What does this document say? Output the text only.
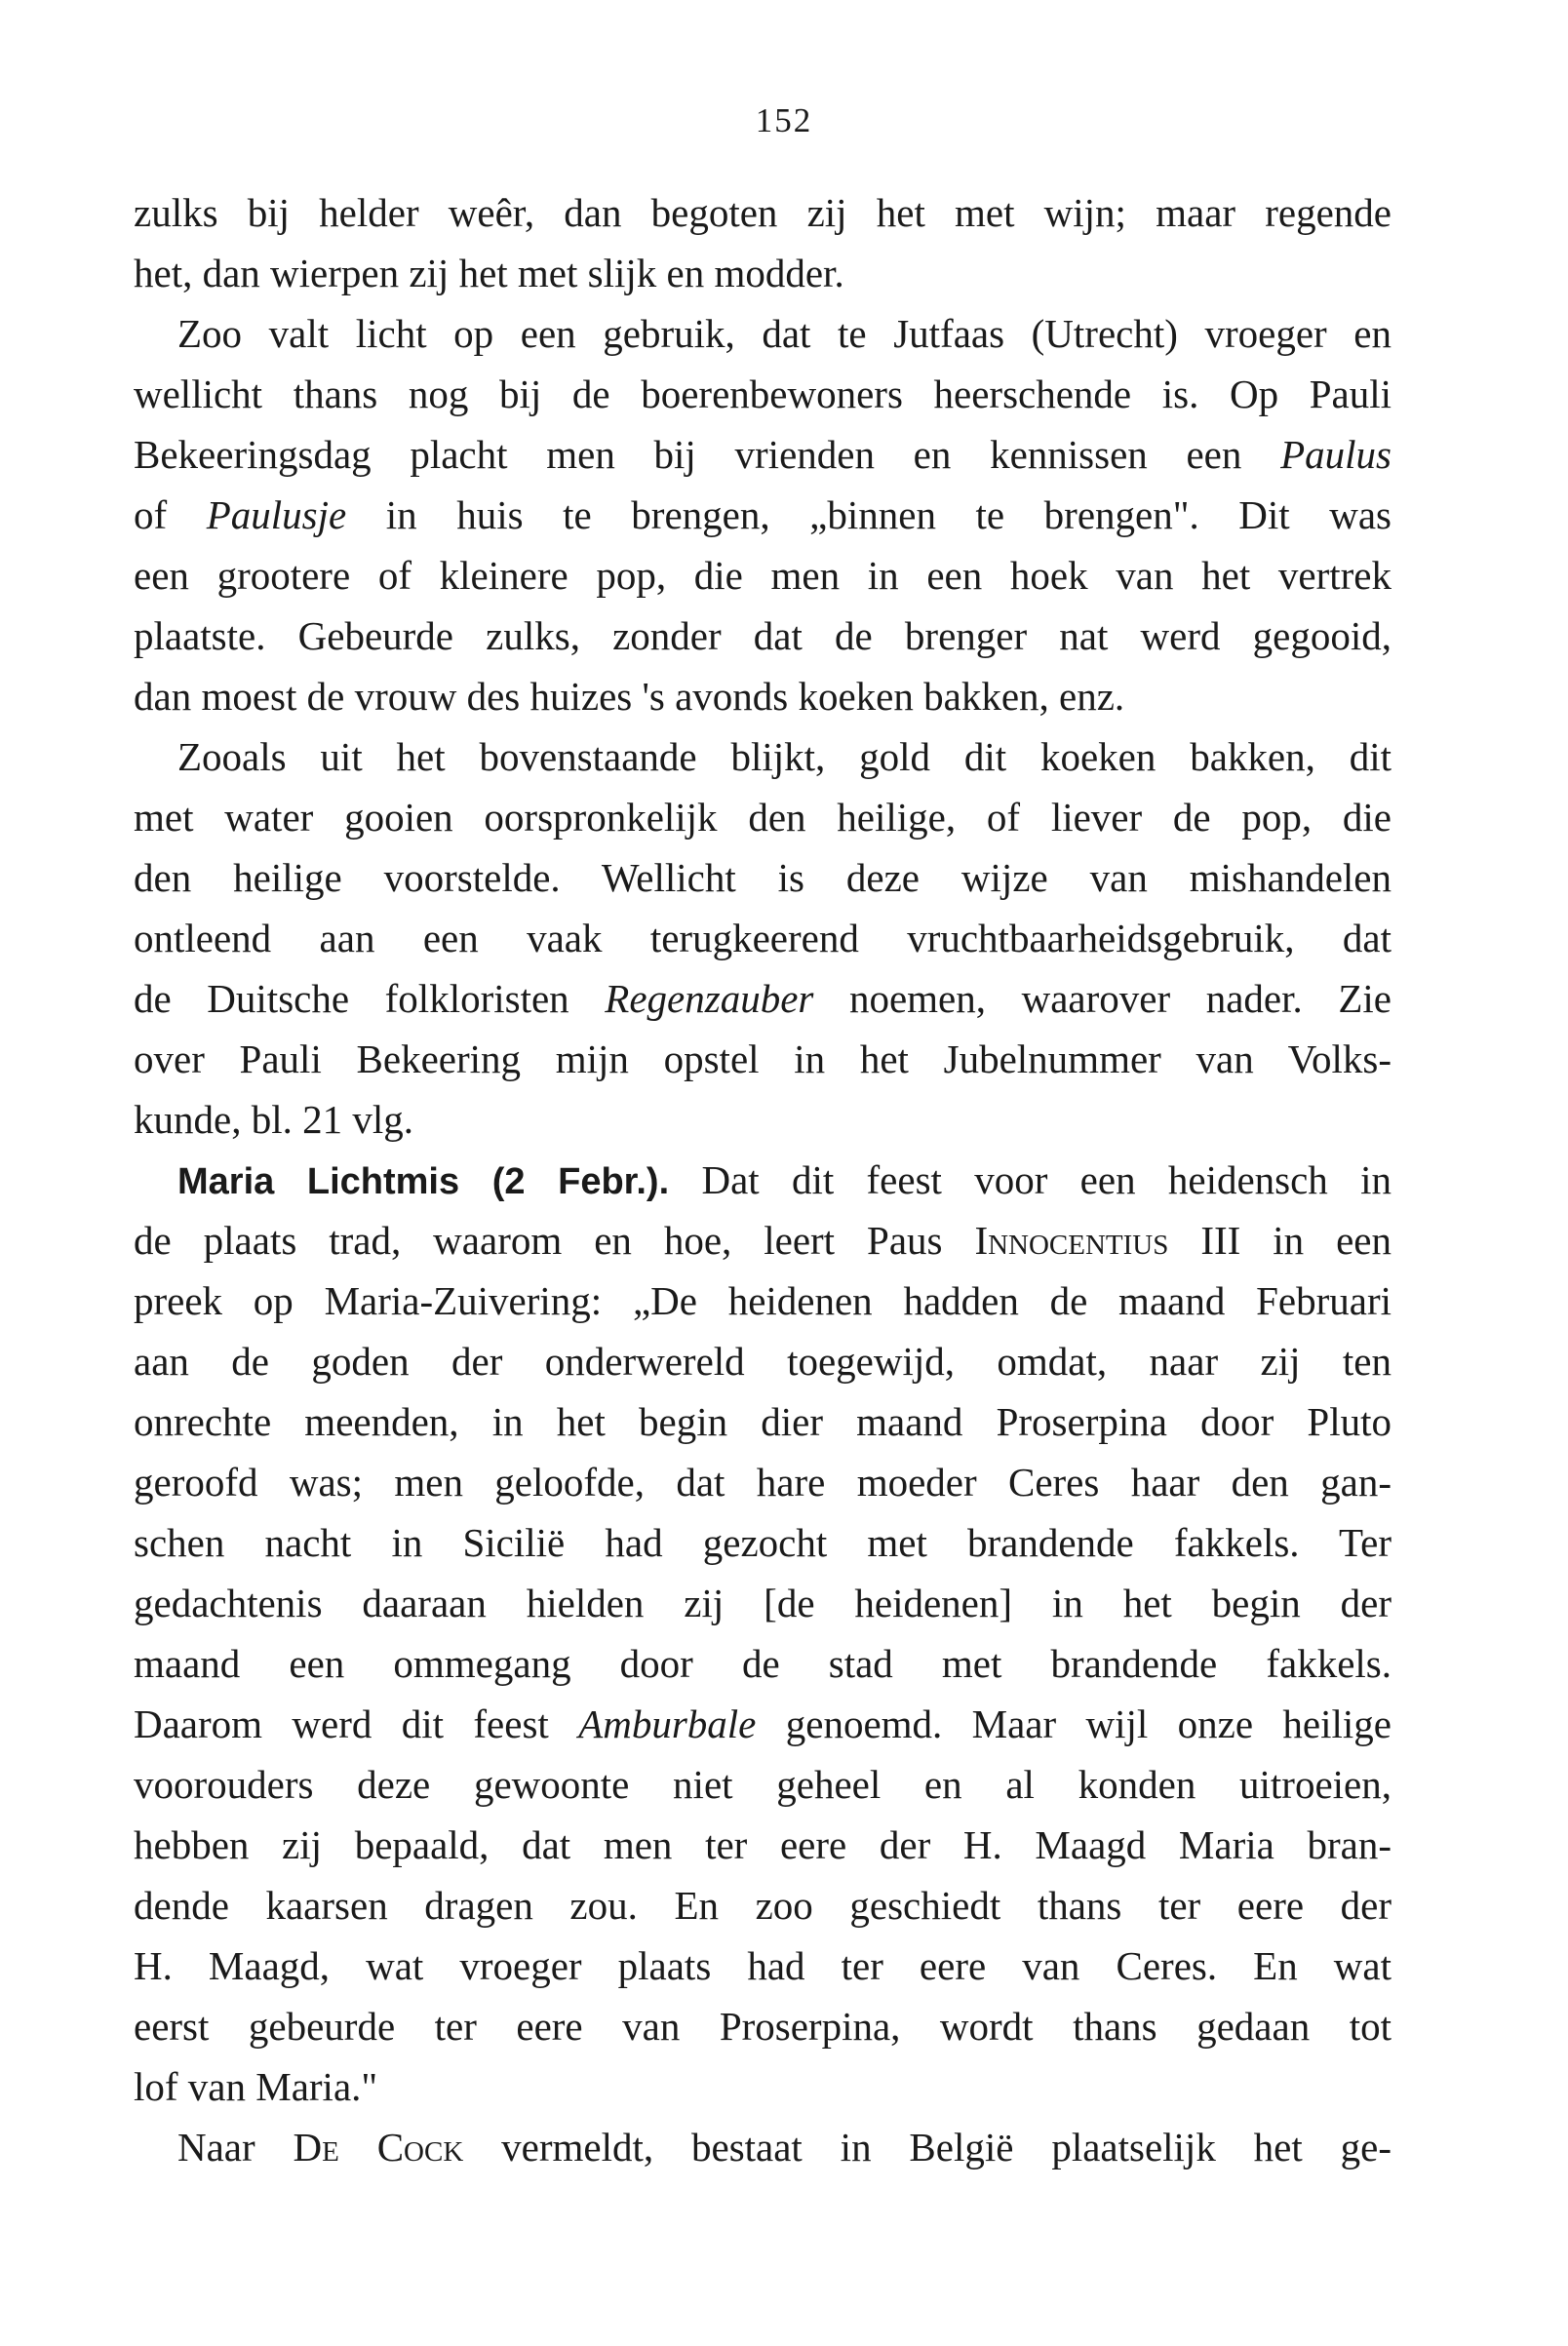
152
zulks bij helder weêr, dan begoten zij het met wijn; maar regende
het, dan wierpen zij het met slijk en modder.
Zoo valt licht op een gebruik, dat te Jutfaas (Utrecht) vroeger en
wellicht thans nog bij de boerenbewoners heerschende is. Op Pauli
Bekeeringsdag placht men bij vrienden en kennissen een Paulus
of Paulusje in huis te brengen, „binnen te brengen". Dit was
een grootere of kleinere pop, die men in een hoek van het vertrek
plaatste. Gebeurde zulks, zonder dat de brenger nat werd gegooid,
dan moest de vrouw des huizes 's avonds koeken bakken, enz.
Zooals uit het bovenstaande blijkt, gold dit koeken bakken, dit
met water gooien oorspronkelijk den heilige, of liever de pop, die
den heilige voorstelde. Wellicht is deze wijze van mishandelen
ontleend aan een vaak terugkeerend vruchtbaarheidsgebruik, dat
de Duitsche folkloristen Regenzauber noemen, waarover nader. Zie
over Pauli Bekeering mijn opstel in het Jubelnummer van Volks-
kunde, bl. 21 vlg.
Maria Lichtmis (2 Febr.). Dat dit feest voor een heidensch in
de plaats trad, waarom en hoe, leert Paus Innocentius III in een
preek op Maria-Zuivering: „De heidenen hadden de maand Februari
aan de goden der onderwereld toegewijd, omdat, naar zij ten
onrechte meenden, in het begin dier maand Proserpina door Pluto
geroofd was; men geloofde, dat hare moeder Ceres haar den gan-
schen nacht in Sicilië had gezocht met brandende fakkels. Ter
gedachtenis daaraan hielden zij [de heidenen] in het begin der
maand een ommegang door de stad met brandende fakkels.
Daarom werd dit feest Amburbale genoemd. Maar wijl onze heilige
voorouders deze gewoonte niet geheel en al konden uitroeien,
hebben zij bepaald, dat men ter eere der H. Maagd Maria bran-
dende kaarsen dragen zou. En zoo geschiedt thans ter eere der
H. Maagd, wat vroeger plaats had ter eere van Ceres. En wat
eerst gebeurde ter eere van Proserpina, wordt thans gedaan tot
lof van Maria."
Naar De Cock vermeldt, bestaat in België plaatselijk het ge-
